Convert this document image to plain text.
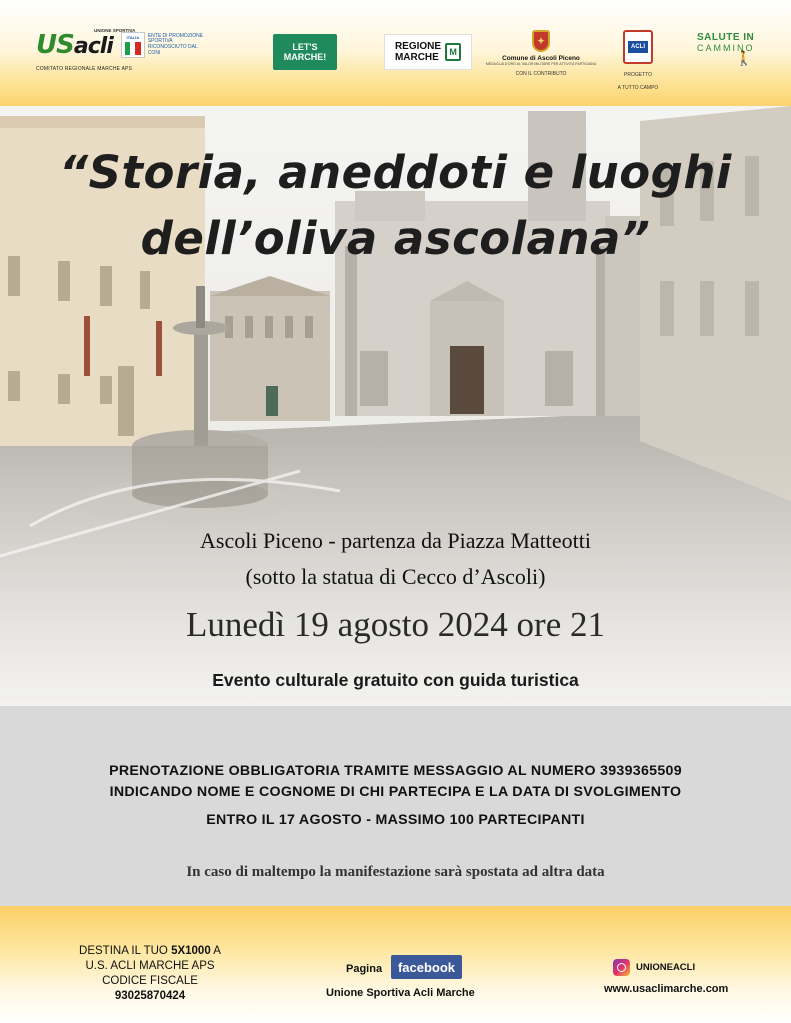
UNIONE SPORTIVA
USacli	ITALIA ENTE DI PROMOZIONE SPORTIVA RICONOSCIUTO DAL CONI
COMITATO REGIONALE MARCHE APS
LET'S
MARCHE!
REGIONE
MARCHE	M
✦
Comune di Ascoli Piceno
MEDAGLIA D'ORO AL VALOR MILITARE PER ATTIVITÀ PARTIGIANA
CON IL CONTRIBUTO
ACLI
PROGETTO
A TUTTO CAMPO
SALUTE IN
CAMMINO
🚶
“Storia, aneddoti e luoghi
dell’oliva ascolana”
Ascoli Piceno - partenza da Piazza Matteotti
(sotto la statua di Cecco d’Ascoli)
Lunedì 19 agosto 2024 ore 21
Evento culturale gratuito con guida turistica
PRENOTAZIONE OBBLIGATORIA TRAMITE MESSAGGIO AL NUMERO 3939365509
INDICANDO NOME E COGNOME DI CHI PARTECIPA E LA DATA DI SVOLGIMENTO
ENTRO IL 17 AGOSTO - MASSIMO 100 PARTECIPANTI
In caso di maltempo la manifestazione sarà spostata ad altra data
DESTINA IL TUO 5X1000 A
U.S. ACLI MARCHE APS
CODICE FISCALE
93025870424
Pagina	facebook
Unione Sportiva Acli Marche
UNIONEACLI
www.usaclimarche.com
